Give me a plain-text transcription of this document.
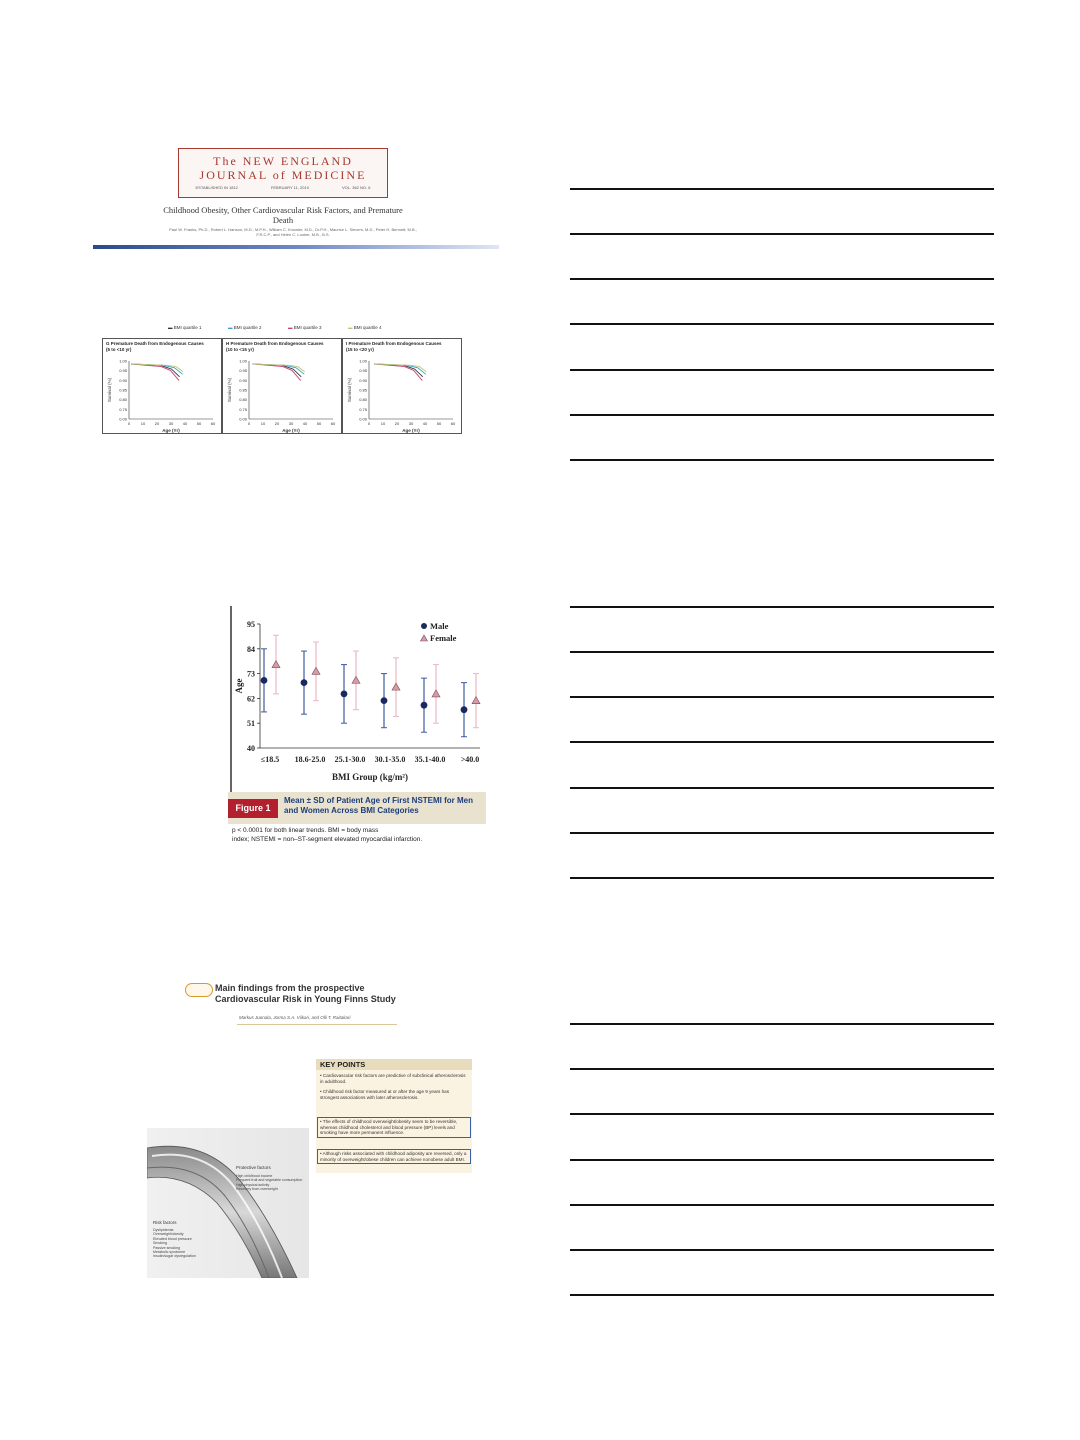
The NEW ENGLAND
JOURNAL of MEDICINE
ESTABLISHED IN 1812	FEBRUARY 11, 2010	VOL. 362 NO. 6
Childhood Obesity, Other Cardiovascular Risk Factors, and Premature Death
Paul W. Franks, Ph.D., Robert L. Hanson, M.D., M.P.H., William C. Knowler, M.D., Dr.P.H., Maurice L. Sievers, M.D., Peter H. Bennett, M.B., F.R.C.P., and Helen C. Looker, M.B., B.S.
▬ BMI quartile 1	▬ BMI quartile 2	▬ BMI quartile 3	▬ BMI quartile 4
G Premature Death from Endogenous Causes
(5 to <10 yr)
1.00
0.95
0.90
0.85
0.80
0.75
0.00
0	10 20 30 40 50 60
Age (Yr)
Survival (%)
H Premature Death from Endogenous Causes
(10 to <15 yr)
1.00
0.95
0.90
0.85
0.80
0.75
0.00
0	10 20 30 40 50 60
Age (Yr)
Survival (%)
I Premature Death from Endogenous Causes
(15 to <20 yr)
1.00
0.95
0.90
0.85
0.80
0.75
0.00
0	10 20 30 40 50 60
Age (Yr)
Survival (%)
40
51
62
73
84
95
≤18.5 18.6-25.0 25.1-30.0 30.1-35.0 35.1-40.0 >40.0
BMI Group (kg/m²)
Age
Male
Female
Figure 1
Mean ± SD of Patient Age of First NSTEMI for Men and Women Across BMI Categories
p < 0.0001 for both linear trends. BMI = body mass
index; NSTEMI = non–ST-segment elevated myocardial infarction.
Main findings from the prospective Cardiovascular Risk in Young Finns Study
Markus Juonala, Jorma S.A. Viikari, and Olli T. Raitakari
KEY POINTS
• Cardiovascular risk factors are predictive of subclinical atherosclerosis in adulthood.
• Childhood risk factor measured at or after the age 9 years has strongest associations with later atherosclerosis.
• The effects of childhood overweight/obesity seem to be reversible, whereas childhood cholesterol and blood pressure (BP) levels and smoking have more permanent influence.
• Although risks associated with childhood adiposity are reversed, only a minority of overweight/obese children can achieve nonobese adult BMI.
Protective factors
High childhood income
Frequent fruit and vegetable consumption
High physical activity
Recovery from overweight
Risk factors
Dyslipidemia
Overweight/obesity
Elevated blood pressure
Smoking
Passive smoking
Metabolic syndrome
Insulin/sugar dysregulation
